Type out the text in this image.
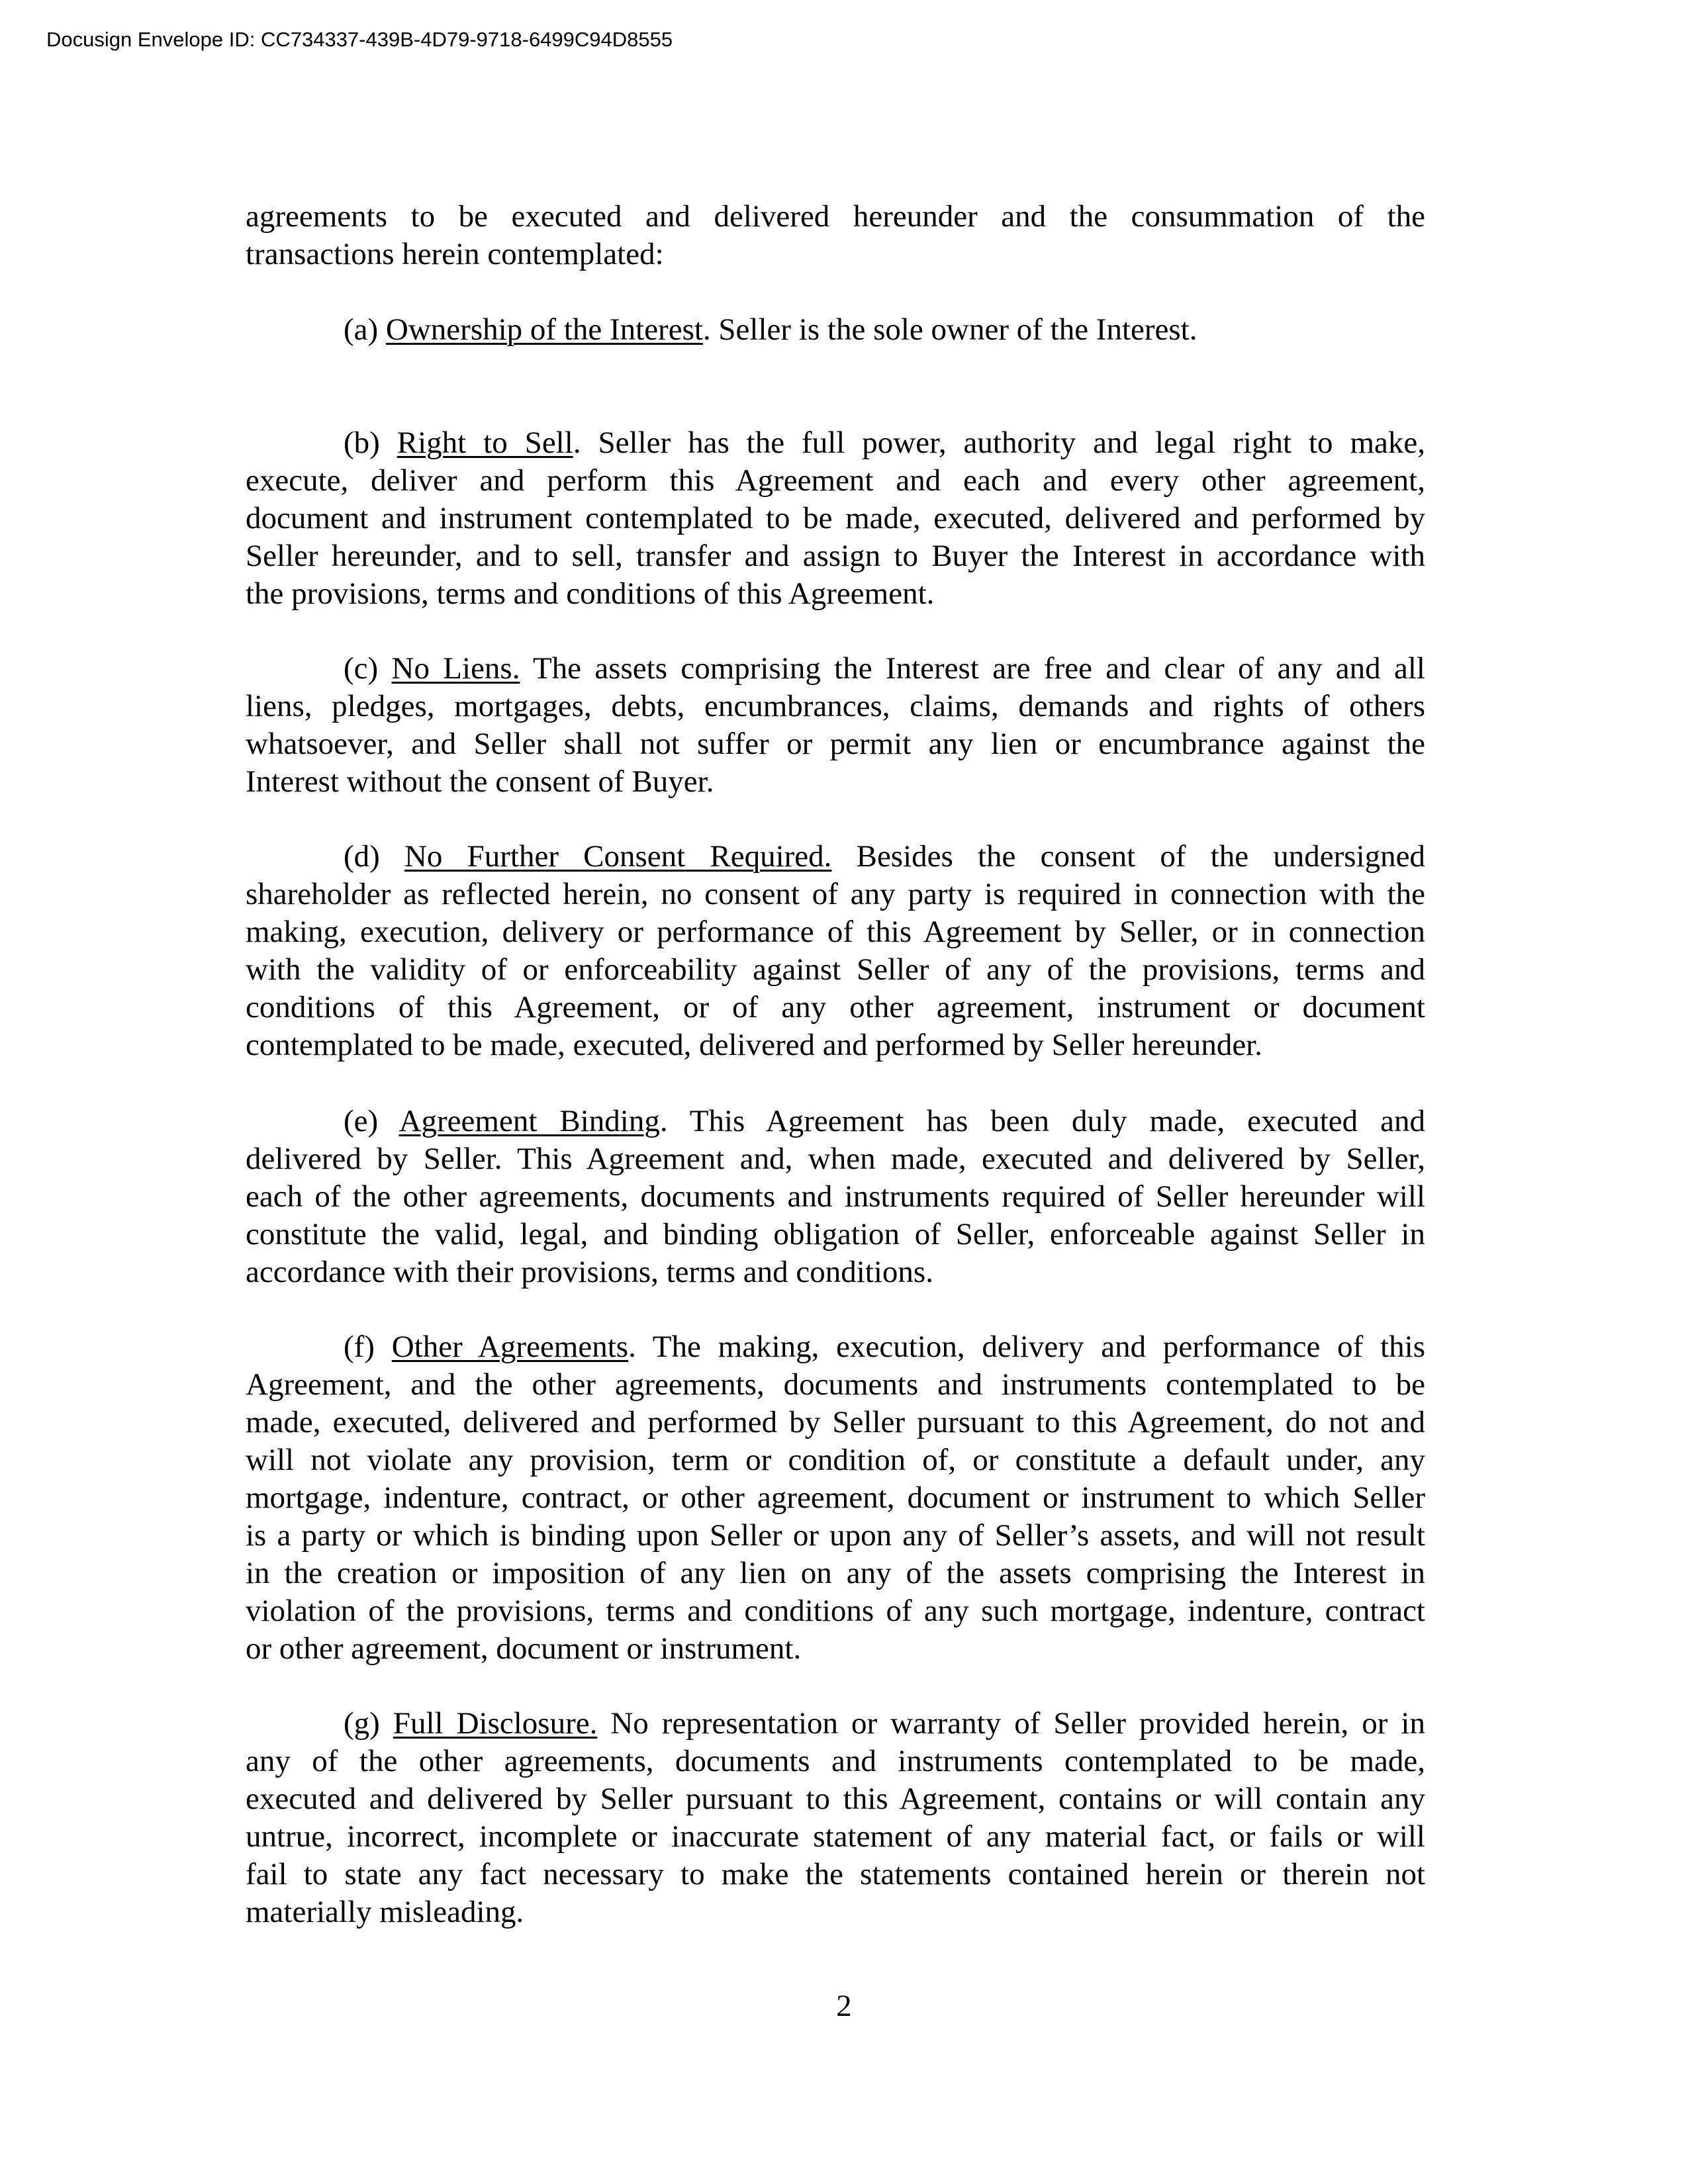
Docusign Envelope ID: CC734337-439B-4D79-9718-6499C94D8555
agreements to be executed and delivered hereunder and the consummation of the
transactions herein contemplated:
(a) Ownership of the Interest. Seller is the sole owner of the Interest.
(b) Right to Sell. Seller has the full power, authority and legal right to make,
execute, deliver and perform this Agreement and each and every other agreement,
document and instrument contemplated to be made, executed, delivered and performed by
Seller hereunder, and to sell, transfer and assign to Buyer the Interest in accordance with
the provisions, terms and conditions of this Agreement.
(c) No Liens. The assets comprising the Interest are free and clear of any and all
liens, pledges, mortgages, debts, encumbrances, claims, demands and rights of others
whatsoever, and Seller shall not suffer or permit any lien or encumbrance against the
Interest without the consent of Buyer.
(d) No Further Consent Required. Besides the consent of the undersigned
shareholder as reflected herein, no consent of any party is required in connection with the
making, execution, delivery or performance of this Agreement by Seller, or in connection
with the validity of or enforceability against Seller of any of the provisions, terms and
conditions of this Agreement, or of any other agreement, instrument or document
contemplated to be made, executed, delivered and performed by Seller hereunder.
(e) Agreement Binding. This Agreement has been duly made, executed and
delivered by Seller. This Agreement and, when made, executed and delivered by Seller,
each of the other agreements, documents and instruments required of Seller hereunder will
constitute the valid, legal, and binding obligation of Seller, enforceable against Seller in
accordance with their provisions, terms and conditions.
(f) Other Agreements. The making, execution, delivery and performance of this
Agreement, and the other agreements, documents and instruments contemplated to be
made, executed, delivered and performed by Seller pursuant to this Agreement, do not and
will not violate any provision, term or condition of, or constitute a default under, any
mortgage, indenture, contract, or other agreement, document or instrument to which Seller
is a party or which is binding upon Seller or upon any of Seller’s assets, and will not result
in the creation or imposition of any lien on any of the assets comprising the Interest in
violation of the provisions, terms and conditions of any such mortgage, indenture, contract
or other agreement, document or instrument.
(g) Full Disclosure. No representation or warranty of Seller provided herein, or in
any of the other agreements, documents and instruments contemplated to be made,
executed and delivered by Seller pursuant to this Agreement, contains or will contain any
untrue, incorrect, incomplete or inaccurate statement of any material fact, or fails or will
fail to state any fact necessary to make the statements contained herein or therein not
materially misleading.
2
